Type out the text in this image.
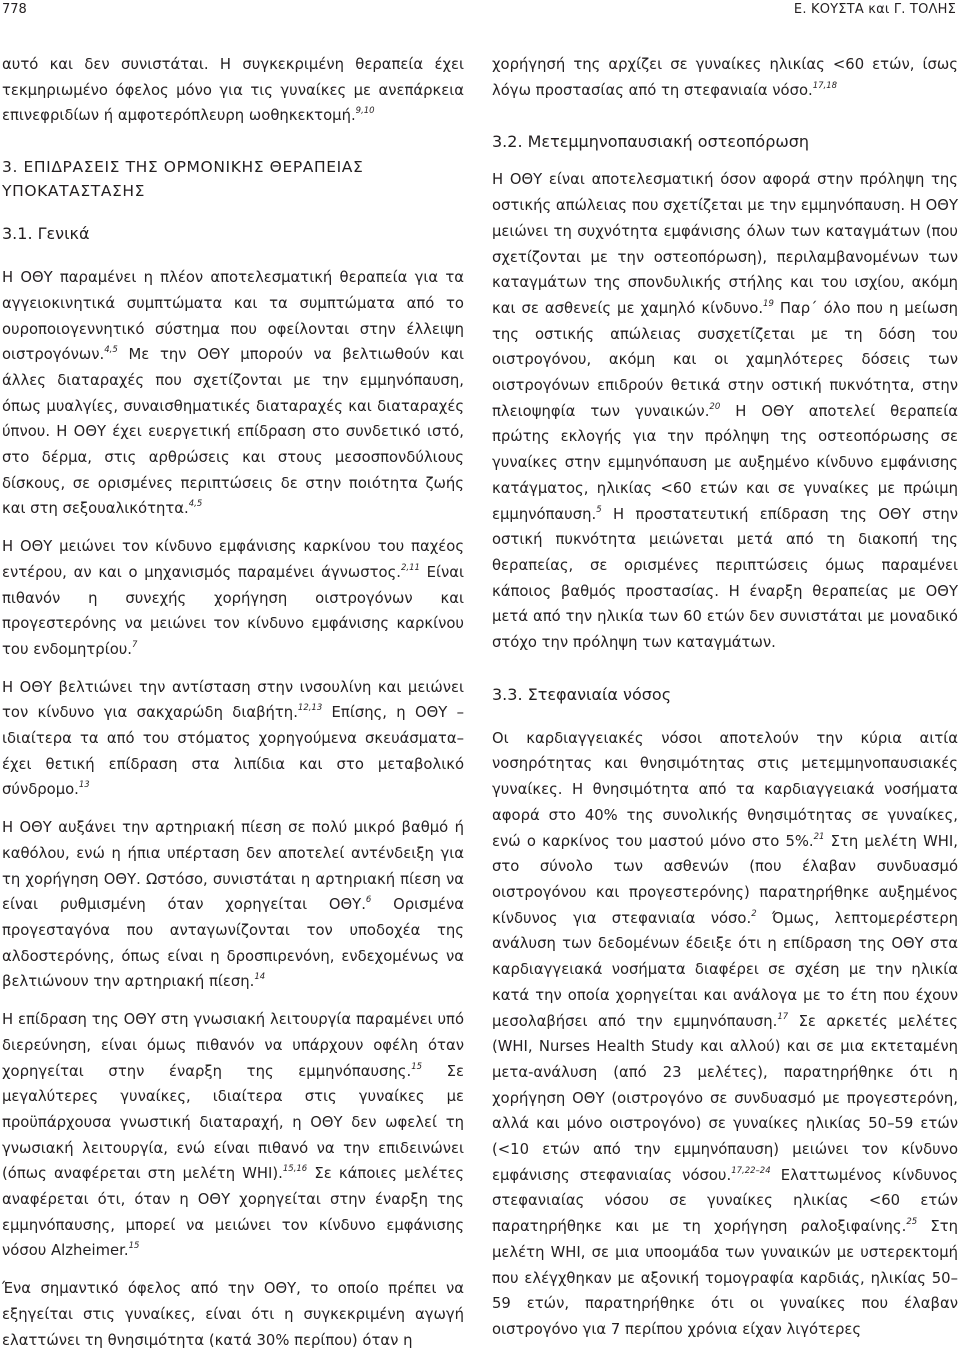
778	Ε. ΚΟΥΣΤΑ και Γ. ΤΟΛΗΣ

αυτό και δεν συνιστάται. Η συγκεκριμένη θεραπεία έχει τεκμηριωμένο όφελος μόνο για τις γυναίκες με ανεπάρκεια επινεφριδίων ή αμφοτερόπλευρη ωοθηκεκτομή.$^{9,10}$

3. ΕΠΙΔΡΑΣΕΙΣ ΤΗΣ ΟΡΜΟΝΙΚΗΣ ΘΕΡΑΠΕΙΑΣ ΥΠΟΚΑΤΑΣΤΑΣΗΣ
3.1. Γενικά

Η ΟΘΥ παραμένει η πλέον αποτελεσματική θεραπεία για τα αγγειοκινητικά συμπτώματα και τα συμπτώματα από το ουροποιογεννητικό σύστημα που οφείλονται στην έλλειψη οιστρογόνων.$^{4,5}$ Με την ΟΘΥ μπορούν να βελτιωθούν και άλλες διαταραχές που σχετίζονται με την εμμηνόπαυση, όπως μυαλγίες, συναισθηματικές διαταραχές και διαταραχές ύπνου. Η ΟΘΥ έχει ευεργετική επίδραση στο συνδετικό ιστό, στο δέρμα, στις αρθρώσεις και στους μεσοσπονδύλιους δίσκους, σε ορισμένες περιπτώσεις δε στην ποιότητα ζωής και στη σεξουαλικότητα.$^{4,5}$

Η ΟΘΥ μειώνει τον κίνδυνο εμφάνισης καρκίνου του παχέος εντέρου, αν και ο μηχανισμός παραμένει άγνωστος.$^{2,11}$ Είναι πιθανόν η συνεχής χορήγηση οιστρογόνων και προγεστερόνης να μειώνει τον κίνδυνο εμφάνισης καρκίνου του ενδομητρίου.$^7$

Η ΟΘΥ βελτιώνει την αντίσταση στην ινσουλίνη και μειώνει τον κίνδυνο για σακχαρώδη διαβήτη.$^{12,13}$ Επίσης, η ΟΘΥ –ιδιαίτερα τα από του στόματος χορηγούμενα σκευάσματα– έχει θετική επίδραση στα λιπίδια και στο μεταβολικό σύνδρομο.$^{13}$

Η ΟΘΥ αυξάνει την αρτηριακή πίεση σε πολύ μικρό βαθμό ή καθόλου, ενώ η ήπια υπέρταση δεν αποτελεί αντένδειξη για τη χορήγηση ΟΘΥ. Ωστόσο, συνιστάται η αρτηριακή πίεση να είναι ρυθμισμένη όταν χορηγείται ΟΘΥ.$^6$ Ορισμένα προγεσταγόνα που ανταγωνίζονται τον υποδοχέα της αλδοστερόνης, όπως είναι η δροσπιρενόνη, ενδεχομένως να βελτιώνουν την αρτηριακή πίεση.$^{14}$

Η επίδραση της ΟΘΥ στη γνωσιακή λειτουργία παραμένει υπό διερεύνηση, είναι όμως πιθανόν να υπάρχουν οφέλη όταν χορηγείται στην έναρξη της εμμηνόπαυσης.$^{15}$ Σε μεγαλύτερες γυναίκες, ιδιαίτερα στις γυναίκες με προϋπάρχουσα γνωστική διαταραχή, η ΟΘΥ δεν ωφελεί τη γνωσιακή λειτουργία, ενώ είναι πιθανό να την επιδεινώνει (όπως αναφέρεται στη μελέτη WHI).$^{15,16}$ Σε κάποιες μελέτες αναφέρεται ότι, όταν η ΟΘΥ χορηγείται στην έναρξη της εμμηνόπαυσης, μπορεί να μειώνει τον κίνδυνο εμφάνισης νόσου Alzheimer.$^{15}$

Ένα σημαντικό όφελος από την ΟΘΥ, το οποίο πρέπει να εξηγείται στις γυναίκες, είναι ότι η συγκεκριμένη αγωγή ελαττώνει τη θνησιμότητα (κατά 30% περίπου) όταν η

χορήγησή της αρχίζει σε γυναίκες ηλικίας <60 ετών, ίσως λόγω προστασίας από τη στεφανιαία νόσο.$^{17,18}$

3.2. Μετεμμηνοπαυσιακή οστεοπόρωση

Η ΟΘΥ είναι αποτελεσματική όσον αφορά στην πρόληψη της οστικής απώλειας που σχετίζεται με την εμμηνόπαυση. Η ΟΘΥ μειώνει τη συχνότητα εμφάνισης όλων των καταγμάτων (που σχετίζονται με την οστεοπόρωση), περιλαμβανομένων των καταγμάτων της σπονδυλικής στήλης και του ισχίου, ακόμη και σε ασθενείς με χαμηλό κίνδυνο.$^{19}$ Παρ΄ όλο που η μείωση της οστικής απώλειας συσχετίζεται με τη δόση του οιστρογόνου, ακόμη και οι χαμηλότερες δόσεις των οιστρογόνων επιδρούν θετικά στην οστική πυκνότητα, στην πλειοψηφία των γυναικών.$^{20}$ Η ΟΘΥ αποτελεί θεραπεία πρώτης εκλογής για την πρόληψη της οστεοπόρωσης σε γυναίκες στην εμμηνόπαυση με αυξημένο κίνδυνο εμφάνισης κατάγματος, ηλικίας <60 ετών και σε γυναίκες με πρώιμη εμμηνόπαυση.$^5$ Η προστατευτική επίδραση της ΟΘΥ στην οστική πυκνότητα μειώνεται μετά από τη διακοπή της θεραπείας, σε ορισμένες περιπτώσεις όμως παραμένει κάποιος βαθμός προστασίας. Η έναρξη θεραπείας με ΟΘΥ μετά από την ηλικία των 60 ετών δεν συνιστάται με μοναδικό στόχο την πρόληψη των καταγμάτων.

3.3. Στεφανιαία νόσος

Οι καρδιαγγειακές νόσοι αποτελούν την κύρια αιτία νοσηρότητας και θνησιμότητας στις μετεμμηνοπαυσιακές γυναίκες. Η θνησιμότητα από τα καρδιαγγειακά νοσήματα αφορά στο 40% της συνολικής θνησιμότητας σε γυναίκες, ενώ ο καρκίνος του μαστού μόνο στο 5%.$^{21}$ Στη μελέτη WHI, στο σύνολο των ασθενών (που έλαβαν συνδυασμό οιστρογόνου και προγεστερόνης) παρατηρήθηκε αυξημένος κίνδυνος για στεφανιαία νόσο.$^2$ Όμως, λεπτομερέστερη ανάλυση των δεδομένων έδειξε ότι η επίδραση της ΟΘΥ στα καρδιαγγειακά νοσήματα διαφέρει σε σχέση με την ηλικία κατά την οποία χορηγείται και ανάλογα με το έτη που έχουν μεσολαβήσει από την εμμηνόπαυση.$^{17}$ Σε αρκετές μελέτες (WHI, Nurses Health Study και αλλού) και σε μια εκτεταμένη μετα-ανάλυση (από 23 μελέτες), παρατηρήθηκε ότι η χορήγηση ΟΘΥ (οιστρογόνο σε συνδυασμό με προγεστερόνη, αλλά και μόνο οιστρογόνο) σε γυναίκες ηλικίας 50–59 ετών (<10 ετών από την εμμηνόπαυση) μειώνει τον κίνδυνο εμφάνισης στεφανιαίας νόσου.$^{17,22-24}$ Ελαττωμένος κίνδυνος στεφανιαίας νόσου σε γυναίκες ηλικίας <60 ετών παρατηρήθηκε και με τη χορήγηση ραλοξιφαίνης.$^{25}$ Στη μελέτη WHI, σε μια υποομάδα των γυναικών με υστερεκτομή που ελέγχθηκαν με αξονική τομογραφία καρδιάς, ηλικίας 50–59 ετών, παρατηρήθηκε ότι οι γυναίκες που έλαβαν οιστρογόνο για 7 περίπου χρόνια είχαν λιγότερες
